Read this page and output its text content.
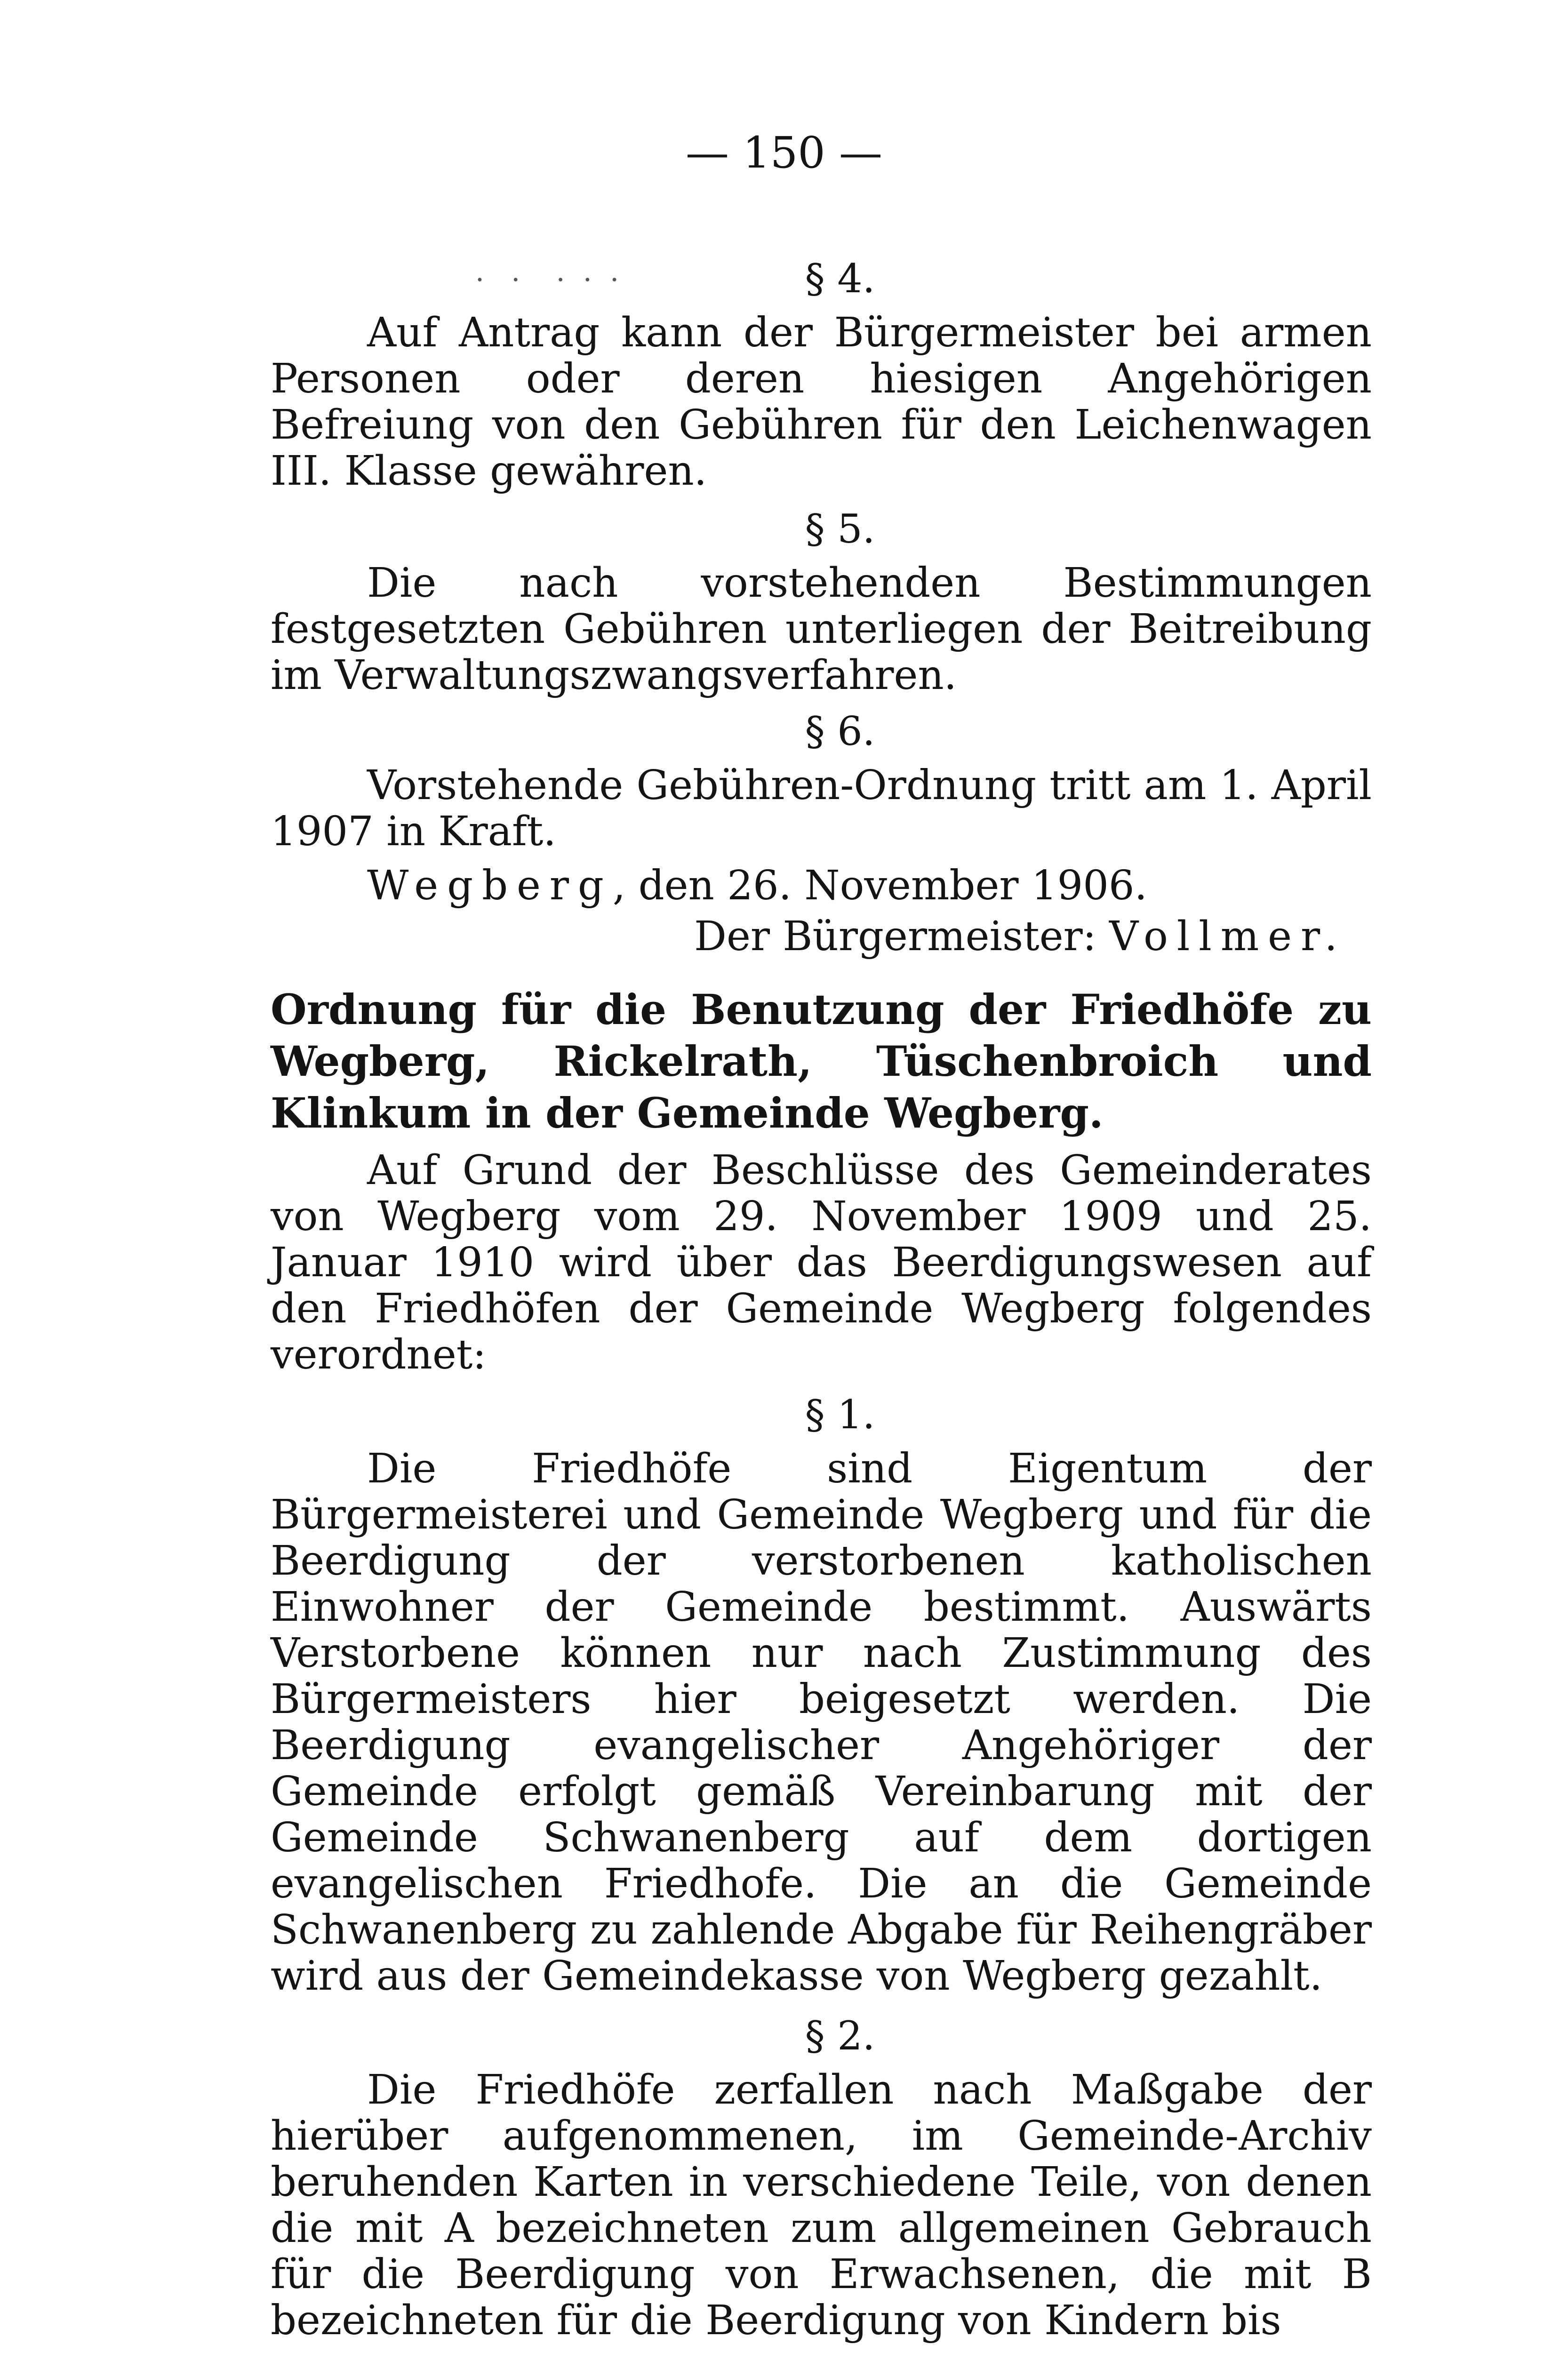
— 150 —
·   ·    ·  ·  ·	§ 4.

Auf Antrag kann der Bürgermeister bei armen Personen oder deren hiesigen Angehörigen Befreiung von den Gebühren für den Leichenwagen III. Klasse gewähren.

§ 5.

Die nach vorstehenden Bestimmungen festgesetzten Gebühren unterliegen der Beitreibung im Verwaltungszwangsverfahren.

§ 6.

Vorstehende Gebühren-Ordnung tritt am 1. April 1907 in Kraft.

Wegberg, den 26. November 1906.

Der Bürgermeister: Vollmer.

Ordnung für die Benutzung der Friedhöfe zu Wegberg, Rickelrath, Tüschenbroich und Klinkum in der Gemeinde Wegberg.

Auf Grund der Beschlüsse des Gemeinderates von Wegberg vom 29. November 1909 und 25. Januar 1910 wird über das Beerdigungswesen auf den Friedhöfen der Gemeinde Wegberg folgendes verordnet:

§ 1.

Die Friedhöfe sind Eigentum der Bürgermeisterei und Gemeinde Wegberg und für die Beerdigung der verstorbenen katholischen Einwohner der Gemeinde bestimmt. Auswärts Verstorbene können nur nach Zustimmung des Bürgermeisters hier beigesetzt werden. Die Beerdigung evangelischer Angehöriger der Gemeinde erfolgt gemäß Vereinbarung mit der Gemeinde Schwanenberg auf dem dortigen evangelischen Friedhofe. Die an die Gemeinde Schwanenberg zu zahlende Abgabe für Reihengräber wird aus der Gemeindekasse von Wegberg gezahlt.

§ 2.

Die Friedhöfe zerfallen nach Maßgabe der hierüber aufgenommenen, im Gemeinde-Archiv beruhenden Karten in verschiedene Teile, von denen die mit A bezeichneten zum allgemeinen Gebrauch für die Beerdigung von Erwachsenen, die mit B bezeichneten für die Beerdigung von Kindern bis
